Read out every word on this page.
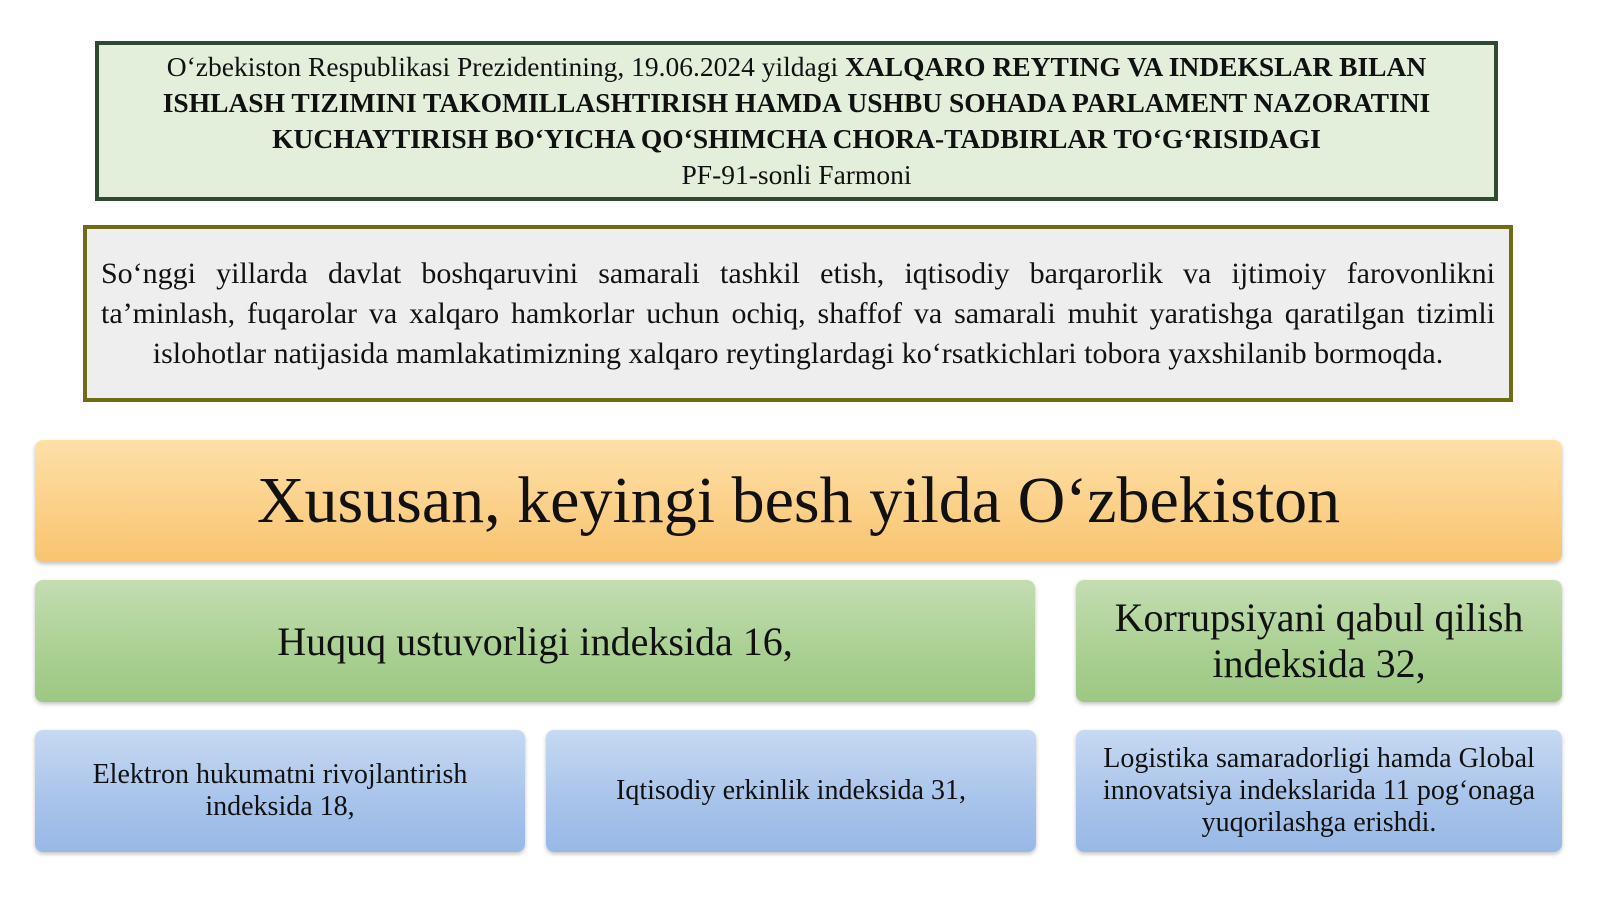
O‘zbekiston Respublikasi Prezidentining, 19.06.2024 yildagi XALQARO REYTING VA INDEKSLAR BILAN ISHLASH TIZIMINI TAKOMILLASHTIRISH HAMDA USHBU SOHADA PARLAMENT NAZORATINI KUCHAYTIRISH BO‘YICHA QO‘SHIMCHA CHORA-TADBIRLAR TO‘G‘RISIDAGI
PF-91-sonli Farmoni
So‘nggi yillarda davlat boshqaruvini samarali tashkil etish, iqtisodiy barqarorlik va ijtimoiy farovonlikni ta’minlash, fuqarolar va xalqaro hamkorlar uchun ochiq, shaffof va samarali muhit yaratishga qaratilgan tizimli islohotlar natijasida mamlakatimizning xalqaro reytinglardagi ko‘rsatkichlari tobora yaxshilanib bormoqda.
Xususan, keyingi besh yilda O‘zbekiston
Huquq ustuvorligi indeksida 16,
Korrupsiyani qabul qilish indeksida 32,
Elektron hukumatni rivojlantirish indeksida 18,
Iqtisodiy erkinlik indeksida 31,
Logistika samaradorligi hamda Global innovatsiya indekslarida 11 pog‘onaga yuqorilashga erishdi.
